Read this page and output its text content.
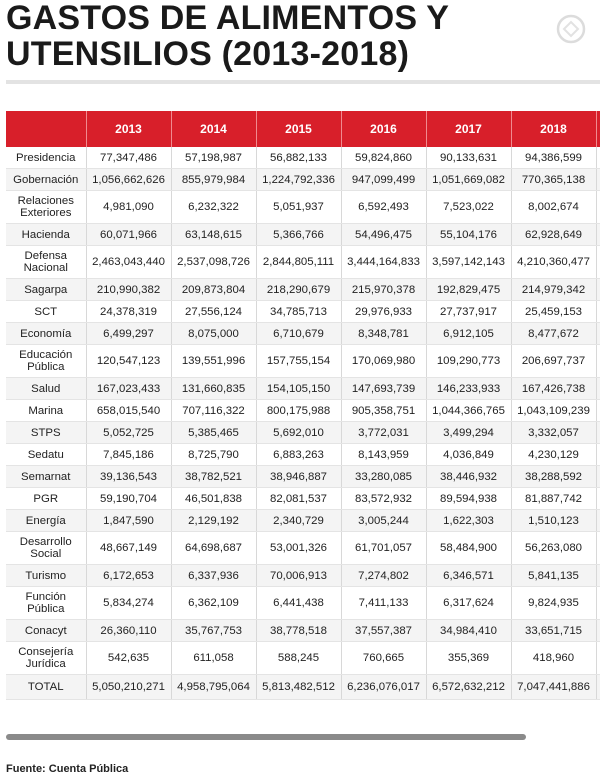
GASTOS DE ALIMENTOS Y
UTENSILIOS (2013-2018)
	2013	2014	2015	2016	2017	2018	

Presidencia	77,347,486	57,198,987	56,882,133	59,824,860	90,133,631	94,386,599	

Gobernación	1,056,662,626	855,979,984	1,224,792,336	947,099,499	1,051,669,082	770,365,138	

Relaciones
Exteriores	4,981,090	6,232,322	5,051,937	6,592,493	7,523,022	8,002,674	

Hacienda	60,071,966	63,148,615	5,366,766	54,496,475	55,104,176	62,928,649	

Defensa
Nacional	2,463,043,440	2,537,098,726	2,844,805,111	3,444,164,833	3,597,142,143	4,210,360,477	

Sagarpa	210,990,382	209,873,804	218,290,679	215,970,378	192,829,475	214,979,342	

SCT	24,378,319	27,556,124	34,785,713	29,976,933	27,737,917	25,459,153	

Economía	6,499,297	8,075,000	6,710,679	8,348,781	6,912,105	8,477,672	

Educación
Pública	120,547,123	139,551,996	157,755,154	170,069,980	109,290,773	206,697,737	

Salud	167,023,433	131,660,835	154,105,150	147,693,739	146,233,933	167,426,738	

Marina	658,015,540	707,116,322	800,175,988	905,358,751	1,044,366,765	1,043,109,239	

STPS	5,052,725	5,385,465	5,692,010	3,772,031	3,499,294	3,332,057	

Sedatu	7,845,186	8,725,790	6,883,263	8,143,959	4,036,849	4,230,129	

Semarnat	39,136,543	38,782,521	38,946,887	33,280,085	38,446,932	38,288,592	

PGR	59,190,704	46,501,838	82,081,537	83,572,932	89,594,938	81,887,742	

Energía	1,847,590	2,129,192	2,340,729	3,005,244	1,622,303	1,510,123	

Desarrollo
Social	48,667,149	64,698,687	53,001,326	61,701,057	58,484,900	56,263,080	

Turismo	6,172,653	6,337,936	70,006,913	7,274,802	6,346,571	5,841,135	

Función
Pública	5,834,274	6,362,109	6,441,438	7,411,133	6,317,624	9,824,935	

Conacyt	26,360,110	35,767,753	38,778,518	37,557,387	34,984,410	33,651,715	

Consejería
Jurídica	542,635	611,058	588,245	760,665	355,369	418,960	

TOTAL	5,050,210,271	4,958,795,064	5,813,482,512	6,236,076,017	6,572,632,212	7,047,441,886	
Fuente: Cuenta Pública
